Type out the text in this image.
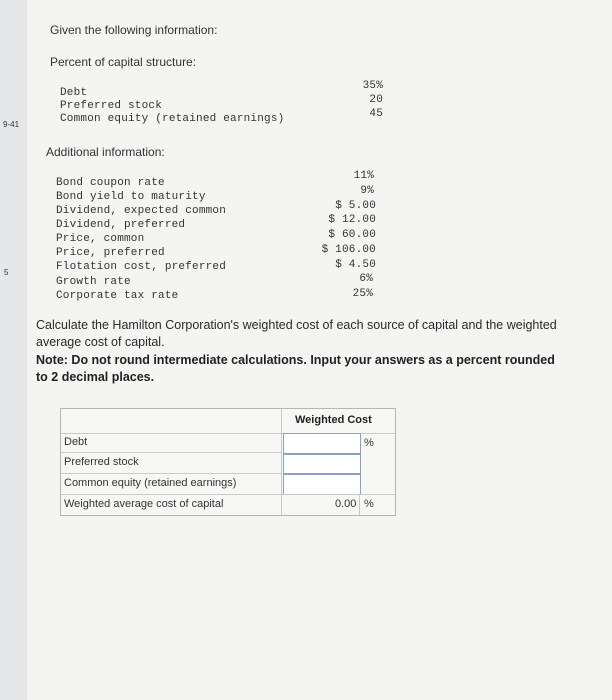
9-41
5
Given the following information:
Percent of capital structure:
Debt
Preferred stock
Common equity (retained earnings)
35%
20
45
Additional information:
Bond coupon rate
Bond yield to maturity
Dividend, expected common
Dividend, preferred
Price, common
Price, preferred
Flotation cost, preferred
Growth rate
Corporate tax rate
11%
9%
$ 5.00
$ 12.00
$ 60.00
$ 106.00
$ 4.50
6%
25%
Calculate the Hamilton Corporation's weighted cost of each source of capital and the weighted average cost of capital.
Note: Do not round intermediate calculations. Input your answers as a percent rounded to 2 decimal places.
Weighted Cost
Debt	%
Preferred stock
Common equity (retained earnings)
Weighted average cost of capital	0.00 %
